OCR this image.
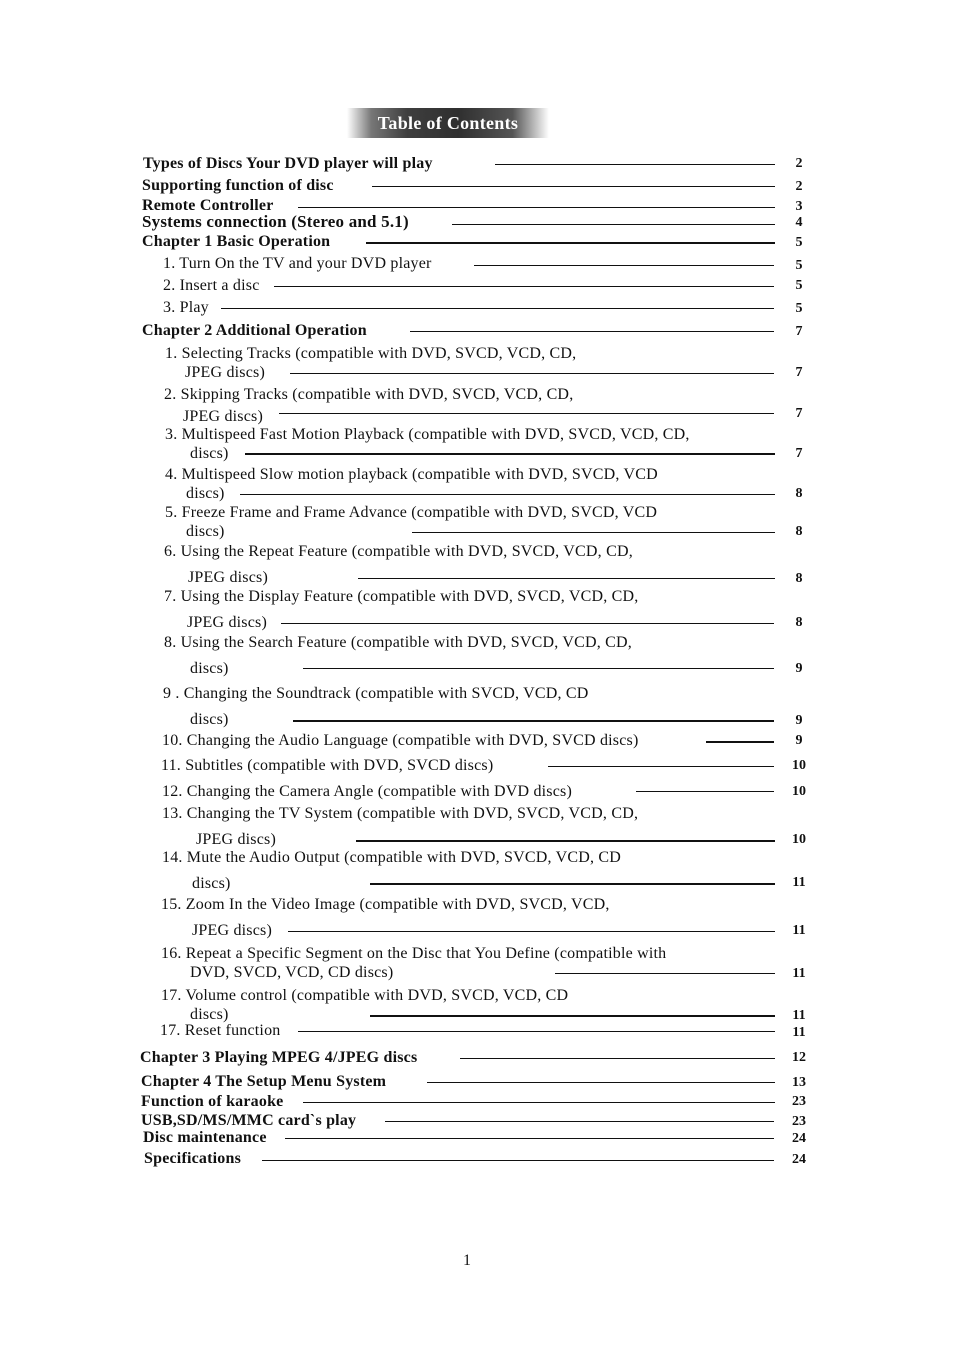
Table of Contents
Types of Discs Your DVD player will play	2
Supporting function of disc	2
Remote Controller	3
Systems connection (Stereo and 5.1)	4
Chapter 1 Basic Operation	5
1. Turn On the TV and your DVD player	5
2. Insert a disc	5
3. Play	5
Chapter 2 Additional Operation	7
1. Selecting Tracks (compatible with DVD, SVCD, VCD, CD,
JPEG discs)	7
2. Skipping Tracks (compatible with DVD, SVCD, VCD, CD,
JPEG discs)	7
3. Multispeed Fast Motion Playback (compatible with DVD, SVCD, VCD, CD,
discs)	7
4. Multispeed Slow motion playback (compatible with DVD, SVCD, VCD
discs)	8
5. Freeze Frame and Frame Advance (compatible with DVD, SVCD, VCD
discs)	8
6. Using the Repeat Feature (compatible with DVD, SVCD, VCD, CD,
JPEG discs)	8
7. Using the Display Feature (compatible with DVD, SVCD, VCD, CD,
JPEG discs)	8
8. Using the Search Feature (compatible with DVD, SVCD, VCD, CD,
discs)	9
9 . Changing the Soundtrack (compatible with SVCD, VCD, CD
discs)	9
10. Changing the Audio Language (compatible with DVD, SVCD discs)	9
11. Subtitles (compatible with DVD, SVCD discs)	10
12. Changing the Camera Angle (compatible with DVD discs)	10
13. Changing the TV System (compatible with DVD, SVCD, VCD, CD,
JPEG discs)	10
14. Mute the Audio Output (compatible with DVD, SVCD, VCD, CD
discs)	11
15. Zoom In the Video Image (compatible with DVD, SVCD, VCD,
JPEG discs)	11
16. Repeat a Specific Segment on the Disc that You Define (compatible with
DVD, SVCD, VCD, CD discs)	11
17. Volume control (compatible with DVD, SVCD, VCD, CD
discs)	11
17. Reset function	11
Chapter 3 Playing MPEG 4/JPEG discs	12
Chapter 4 The Setup Menu System	13
Function of karaoke	23
USB,SD/MS/MMC card`s play	23
Disc maintenance	24
Specifications	24
1
